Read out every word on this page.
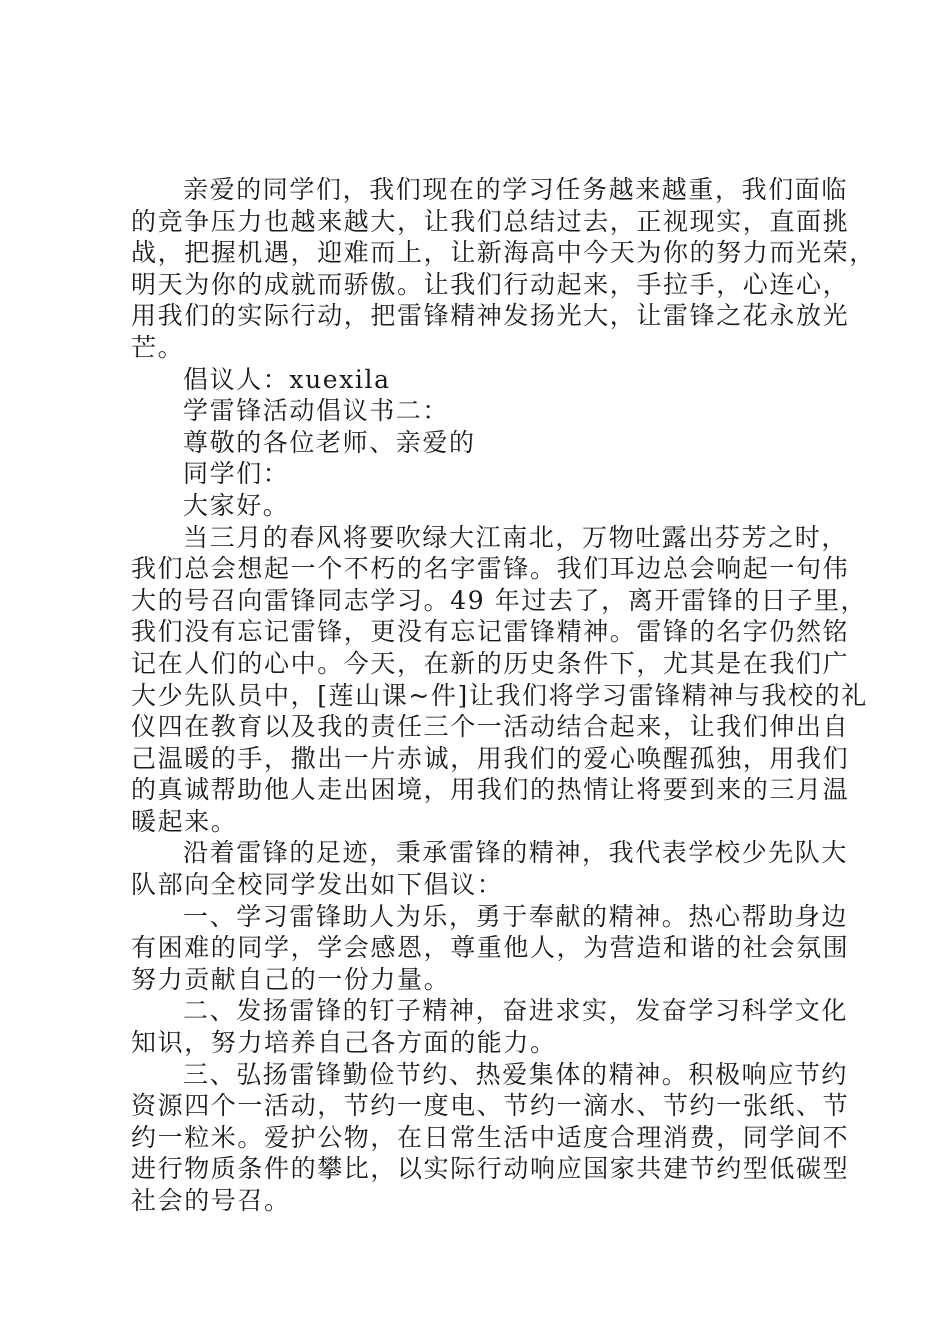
亲爱的同学们，我们现在的学习任务越来越重，我们面临
的竞争压力也越来越大，让我们总结过去，正视现实，直面挑
战，把握机遇，迎难而上，让新海高中今天为你的努力而光荣，
明天为你的成就而骄傲。让我们行动起来，手拉手，心连心，
用我们的实际行动，把雷锋精神发扬光大，让雷锋之花永放光
芒。
倡议人：xuexila
学雷锋活动倡议书二：
尊敬的各位老师、亲爱的
同学们：
大家好。
当三月的春风将要吹绿大江南北，万物吐露出芬芳之时，
我们总会想起一个不朽的名字雷锋。我们耳边总会响起一句伟
大的号召向雷锋同志学习。49 年过去了，离开雷锋的日子里，
我们没有忘记雷锋，更没有忘记雷锋精神。雷锋的名字仍然铭
记在人们的心中。今天，在新的历史条件下，尤其是在我们广
大少先队员中，[莲山课~件]让我们将学习雷锋精神与我校的礼
仪四在教育以及我的责任三个一活动结合起来，让我们伸出自
己温暖的手，撒出一片赤诚，用我们的爱心唤醒孤独，用我们
的真诚帮助他人走出困境，用我们的热情让将要到来的三月温
暖起来。
沿着雷锋的足迹，秉承雷锋的精神，我代表学校少先队大
队部向全校同学发出如下倡议：
一、学习雷锋助人为乐，勇于奉献的精神。热心帮助身边
有困难的同学，学会感恩，尊重他人，为营造和谐的社会氛围
努力贡献自己的一份力量。
二、发扬雷锋的钉子精神，奋进求实，发奋学习科学文化
知识，努力培养自己各方面的能力。
三、弘扬雷锋勤俭节约、热爱集体的精神。积极响应节约
资源四个一活动，节约一度电、节约一滴水、节约一张纸、节
约一粒米。爱护公物，在日常生活中适度合理消费，同学间不
进行物质条件的攀比，以实际行动响应国家共建节约型低碳型
社会的号召。
